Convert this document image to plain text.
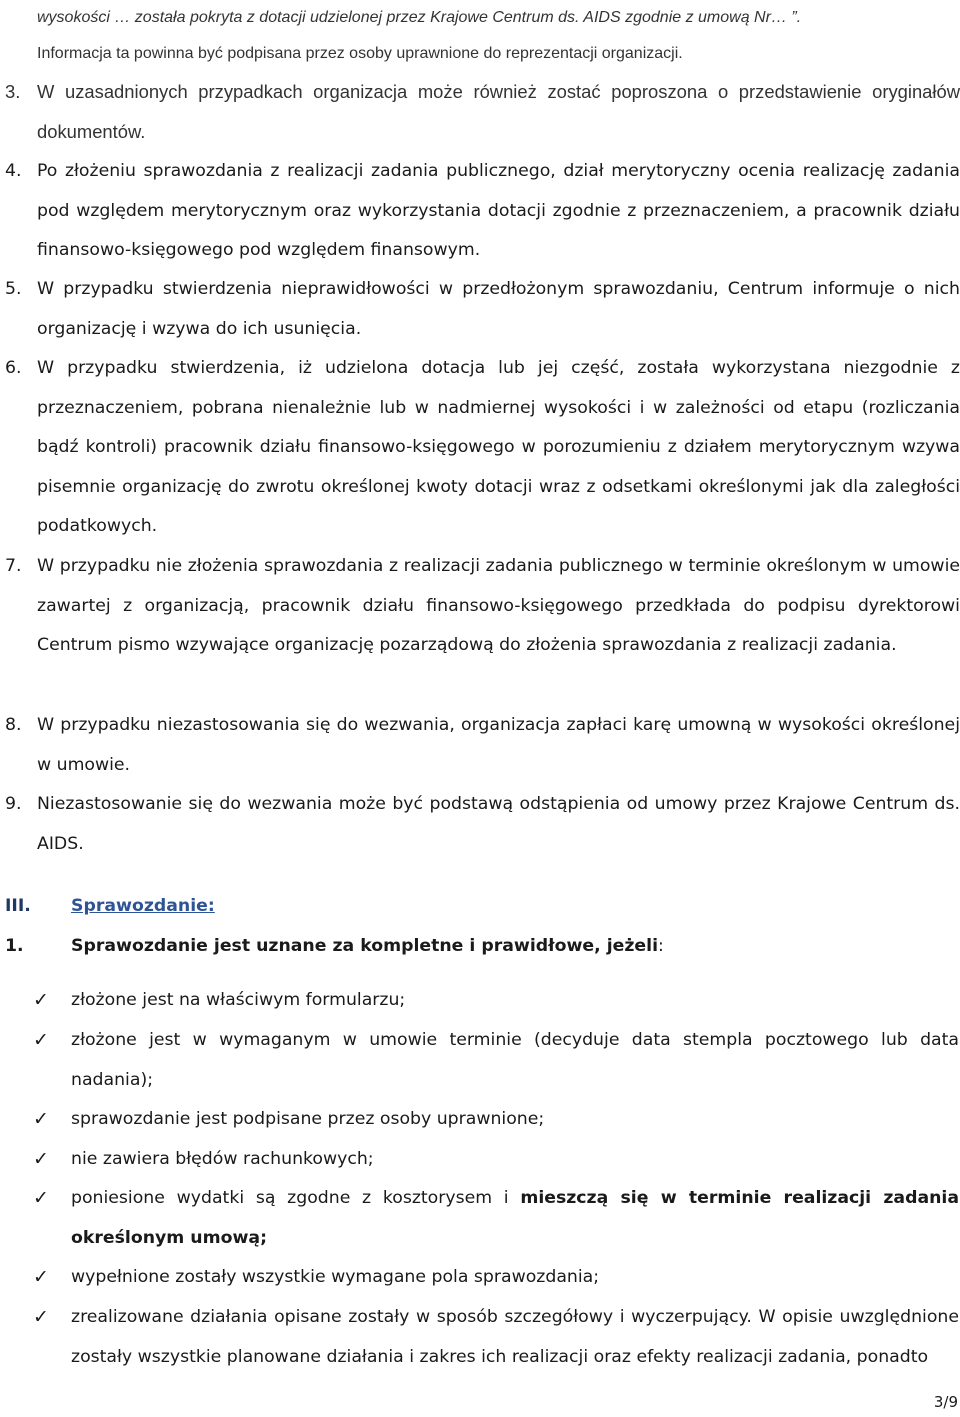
wysokości … została pokryta z dotacji udzielonej przez Krajowe Centrum ds. AIDS zgodnie z umową Nr… ”.
Informacja ta powinna być podpisana przez osoby uprawnione do reprezentacji organizacji.
3. W uzasadnionych przypadkach organizacja może również zostać poproszona o przedstawienie oryginałów dokumentów.
4. Po złożeniu sprawozdania z realizacji zadania publicznego, dział merytoryczny ocenia realizację zadania pod względem merytorycznym oraz wykorzystania dotacji zgodnie z przeznaczeniem, a pracownik działu finansowo-księgowego pod względem finansowym.
5. W przypadku stwierdzenia nieprawidłowości w przedłożonym sprawozdaniu, Centrum informuje o nich organizację i wzywa do ich usunięcia.
6. W przypadku stwierdzenia, iż udzielona dotacja lub jej część, została wykorzystana niezgodnie z przeznaczeniem, pobrana nienależnie lub w nadmiernej wysokości i w zależności od etapu (rozliczania bądź kontroli) pracownik działu finansowo-księgowego w porozumieniu z działem merytorycznym wzywa pisemnie organizację do zwrotu określonej kwoty dotacji wraz z odsetkami określonymi jak dla zaległości podatkowych.
7. W przypadku nie złożenia sprawozdania z realizacji zadania publicznego w terminie określonym w umowie zawartej z organizacją, pracownik działu finansowo-księgowego przedkłada do podpisu dyrektorowi Centrum pismo wzywające organizację pozarządową do złożenia sprawozdania z realizacji zadania.
8. W przypadku niezastosowania się do wezwania, organizacja zapłaci karę umowną w wysokości określonej w umowie.
9. Niezastosowanie się do wezwania może być podstawą odstąpienia od umowy przez Krajowe Centrum ds. AIDS.
III. Sprawozdanie:
1.	Sprawozdanie jest uznane za kompletne i prawidłowe, jeżeli:
✓ złożone jest na właściwym formularzu;
✓ złożone jest w wymaganym w umowie terminie (decyduje data stempla pocztowego lub data nadania);
✓ sprawozdanie jest podpisane przez osoby uprawnione;
✓ nie zawiera błędów rachunkowych;
✓ poniesione wydatki są zgodne z kosztorysem i mieszczą się w terminie realizacji zadania określonym umową;
✓ wypełnione zostały wszystkie wymagane pola sprawozdania;
✓ zrealizowane działania opisane zostały w sposób szczegółowy i wyczerpujący. W opisie uwzględnione zostały wszystkie planowane działania i zakres ich realizacji oraz efekty realizacji zadania, ponadto
3/9
